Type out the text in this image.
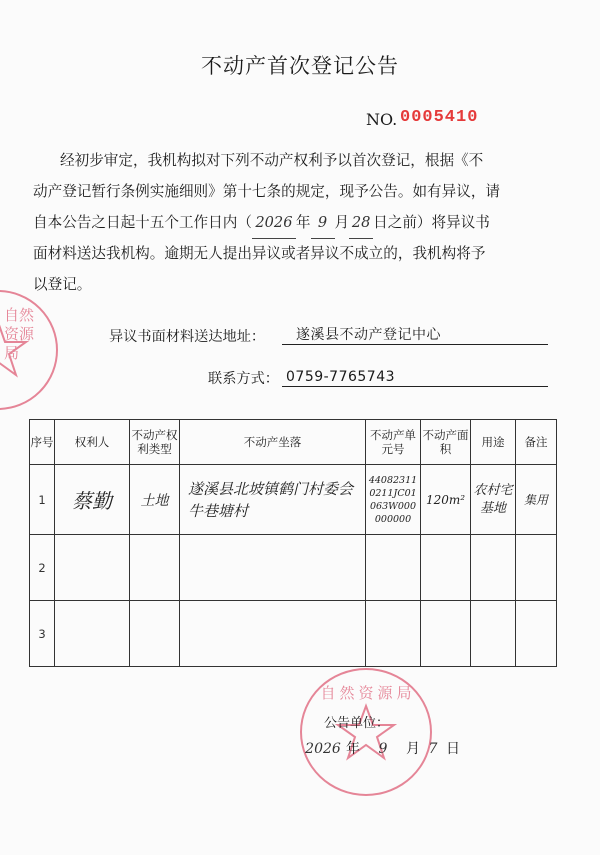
自然资源局
不动产首次登记公告
NO. 0005410
经初步审定，我机构拟对下列不动产权利予以首次登记，根据《不
动产登记暂行条例实施细则》第十七条的规定，现予公告。如有异议，请
自本公告之日起十五个工作日内（ 2026 年 9 月 28 日之前）将异议书
面材料送达我机构。逾期无人提出异议或者异议不成立的，我机构将予
以登记。
异议书面材料送达地址：	遂溪县不动产登记中心
联系方式： 0759-7765743
序号	权利人	不动产权利类型	不动产坐落	不动产单元号	不动产面积	用途	备注
1	蔡勤	土地	遂溪县北坡镇鹤门村委会牛巷塘村	440823110211JC01063W000000000	120m²	农村宅基地	集用
2							
3							
自然资源局
公告单位：
2026 年 9 月 7 日
